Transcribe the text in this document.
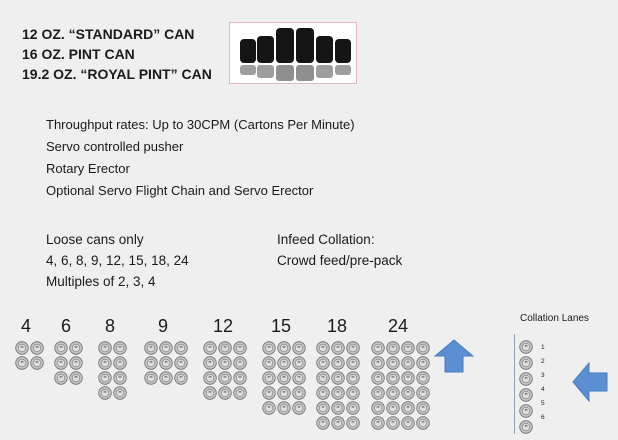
12 OZ. “STANDARD” CAN
16 OZ. PINT CAN
19.2 OZ. “ROYAL PINT” CAN
Throughput rates: Up to 30CPM (Cartons Per Minute)
Servo controlled pusher
Rotary Erector
Optional Servo Flight Chain and Servo Erector
Loose cans only
4, 6, 8, 9, 12, 15, 18, 24
Multiples of 2, 3, 4
Infeed Collation:
Crowd feed/pre-pack
4 6 8 9 12 15 18 24	Collation Lanes
1
2
3
4
5
6
